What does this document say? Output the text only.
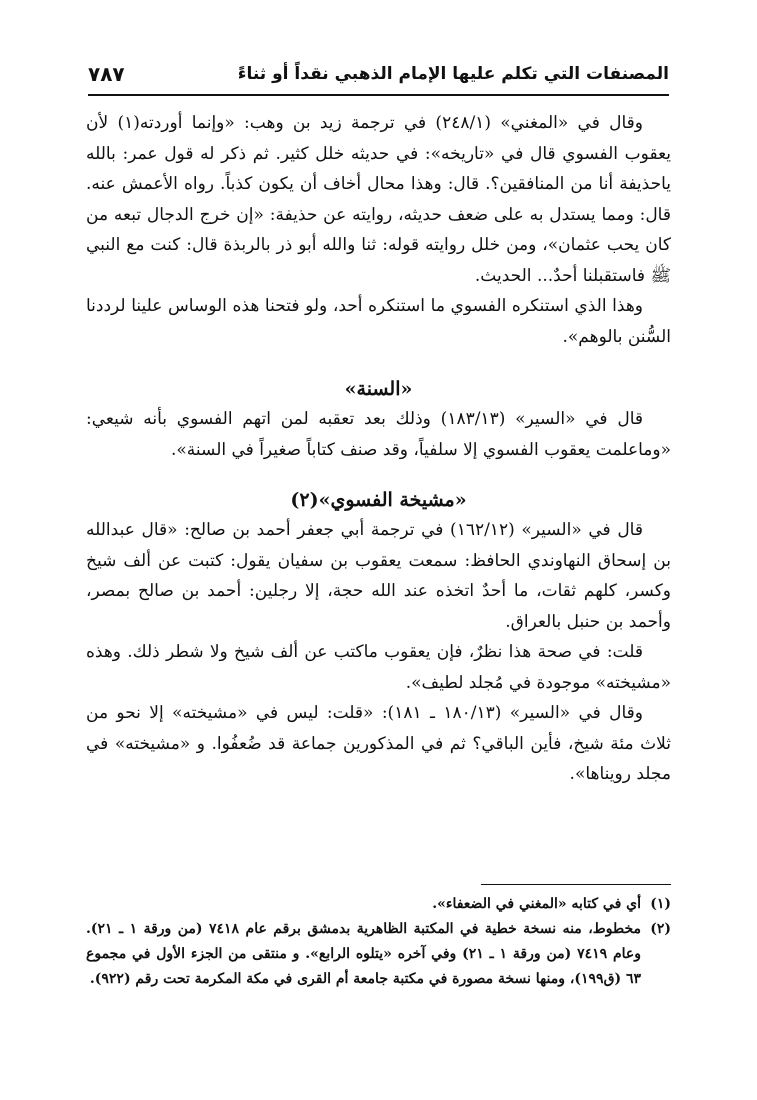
المصنفات التي تكلم عليها الإمام الذهبي نقداً أو ثناءً
٧٨٧

وقال في «المغني» (٢٤٨/١) في ترجمة زيد بن وهب: «وإنما أوردته(١) لأن يعقوب الفسوي قال في «تاريخه»: في حديثه خلل كثير. ثم ذكر له قول عمر: بالله ياحذيفة أنا من المنافقين؟. قال: وهذا محال أخاف أن يكون كذباً. رواه الأعمش عنه. قال: ومما يستدل به على ضعف حديثه، روايته عن حذيفة: «إن خرج الدجال تبعه من كان يحب عثمان»، ومن خلل روايته قوله: ثنا والله أبو ذر بالربذة قال: كنت مع النبي ﷺ فاستقبلنا أحدٌ... الحديث.

وهذا الذي استنكره الفسوي ما استنكره أحد، ولو فتحنا هذه الوساس علينا لرددنا السُّنن بالوهم».

«السنة»

قال في «السير» (١٨٣/١٣) وذلك بعد تعقبه لمن اتهم الفسوي بأنه شيعي: «وماعلمت يعقوب الفسوي إلا سلفياً، وقد صنف كتاباً صغيراً في السنة».

«مشيخة الفسوي»(٢)

قال في «السير» (١٦٢/١٢) في ترجمة أبي جعفر أحمد بن صالح: «قال عبدالله بن إسحاق النهاوندي الحافظ: سمعت يعقوب بن سفيان يقول: كتبت عن ألف شيخ وكسر، كلهم ثقات، ما أحدٌ اتخذه عند الله حجة، إلا رجلين: أحمد بن صالح بمصر، وأحمد بن حنبل بالعراق.

قلت: في صحة هذا نظرٌ، فإن يعقوب ماكتب عن ألف شيخ ولا شطر ذلك. وهذه «مشيخته» موجودة في مُجلد لطيف».

وقال في «السير» (١٨٠/١٣ ـ ١٨١): «قلت: ليس في «مشيخته» إلا نحو من ثلاث مئة شيخ، فأين الباقي؟ ثم في المذكورين جماعة قد ضُعفُوا. و «مشيخته» في مجلد رويناها».

(١)
أي في كتابه «المغني في الضعفاء».
(٢)
مخطوط، منه نسخة خطية في المكتبة الظاهرية بدمشق برقم عام ٧٤١٨ (من ورقة ١ ـ ٢١). وعام ٧٤١٩ (من ورقة ١ ـ ٢١) وفي آخره «يتلوه الرابع». و منتقى من الجزء الأول في مجموع ٦٣ (ق١٩٩)، ومنها نسخة مصورة في مكتبة جامعة أم القرى في مكة المكرمة تحت رقم (٩٢٢).
